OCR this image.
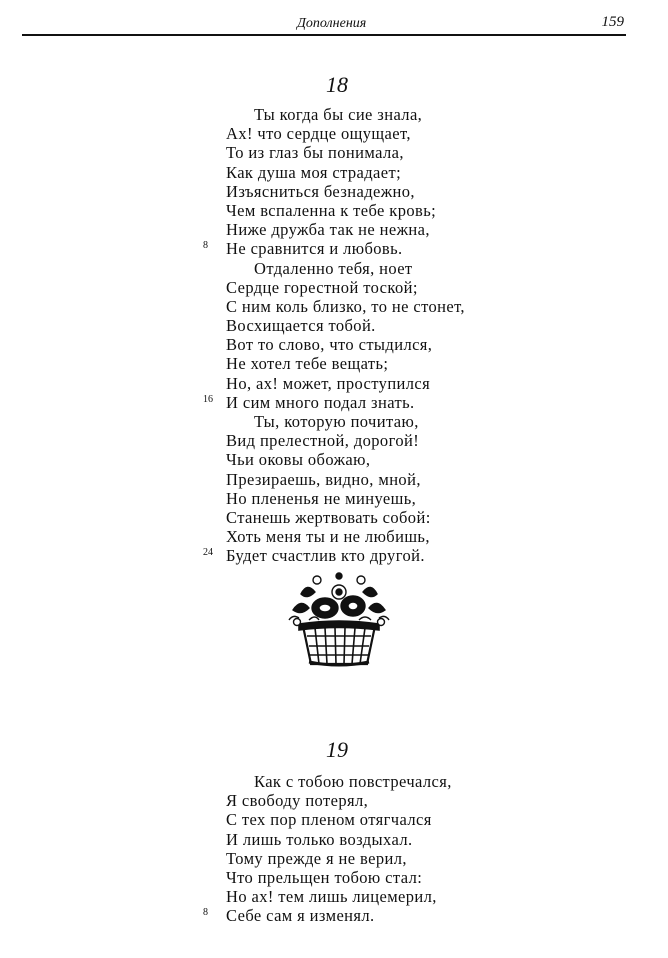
Дополнения	159
18
Ты когда бы сие знала,
Ах! что сердце ощущает,
То из глаз бы понимала,
Как душа моя страдает;
Изъясниться безнадежно,
Чем вспаленна к тебе кровь;
Ниже дружба так не нежна,
8 Не сравнится и любовь.
Отдаленно тебя, ноет
Сердце горестной тоской;
С ним коль близко, то не стонет,
Восхищается тобой.
Вот то слово, что стыдился,
Не хотел тебе вещать;
Но, ах! может, проступился
16 И сим много подал знать.
Ты, которую почитаю,
Вид прелестной, дорогой!
Чьи оковы обожаю,
Презираешь, видно, мной,
Но плененья не минуешь,
Станешь жертвовать собой:
Хоть меня ты и не любишь,
24 Будет счастлив кто другой.
19
Как с тобою повстречался,
Я свободу потерял,
С тех пор пленом отягчался
И лишь только воздыхал.
Тому прежде я не верил,
Что прельщен тобою стал:
Но ах! тем лишь лицемерил,
8 Себе сам я изменял.
